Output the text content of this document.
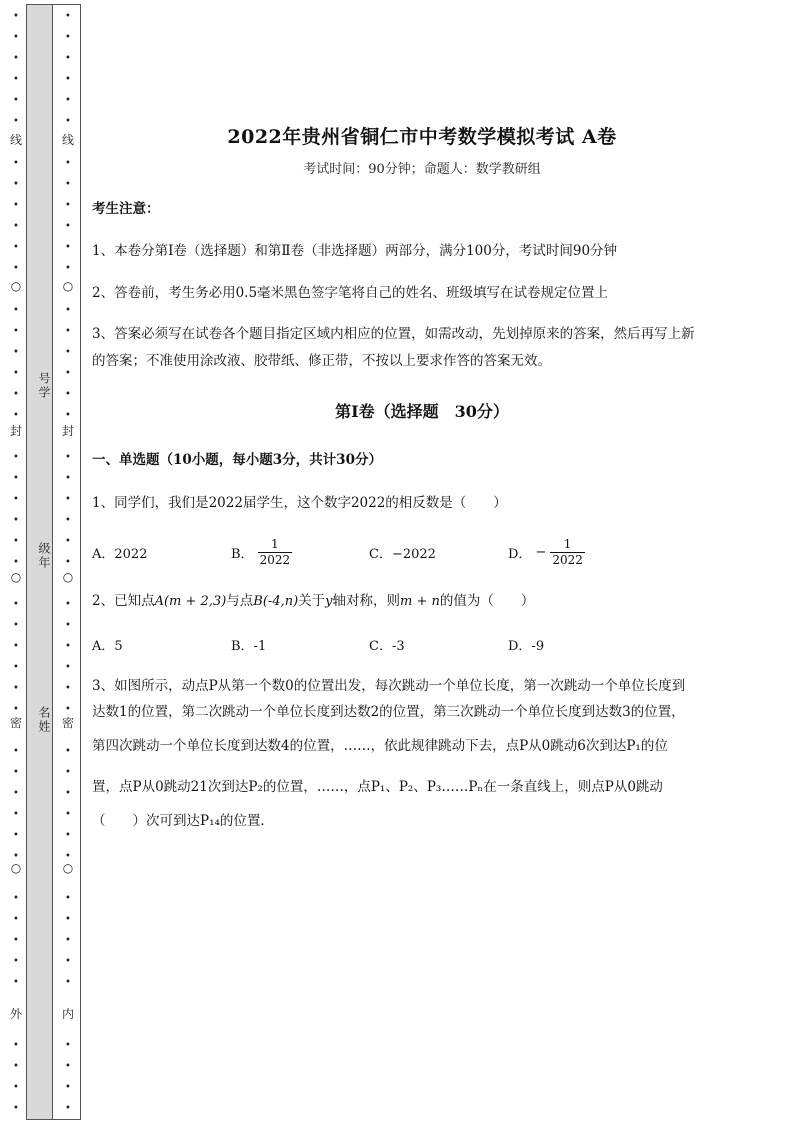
•
•
•
•
•
•
•
•
•
•
•
•
•
•
•
•
•
•
•
•
•
•
•
•
•
•
•
•
•
•
•
•
•
•
•
•
•
•
•
•
•
•
•
•
•
线
封
密
外
○
○
○
•
•
•
•
•
•
•
•
•
•
•
•
•
•
•
•
•
•
•
•
•
•
•
•
•
•
•
•
•
•
•
•
•
•
•
•
•
•
•
•
•
•
•
•
•
线
封
密
内
○
○
○
号学
级年
名姓
2022年贵州省铜仁市中考数学模拟考试 A卷
考试时间：90分钟；命题人：数学教研组
考生注意：
1、本卷分第I卷（选择题）和第Ⅱ卷（非选择题）两部分，满分100分，考试时间90分钟
2、答卷前，考生务必用0.5毫米黑色签字笔将自己的姓名、班级填写在试卷规定位置上
3、答案必须写在试卷各个题目指定区域内相应的位置，如需改动，先划掉原来的答案，然后再写上新
的答案；不准使用涂改液、胶带纸、修正带，不按以上要求作答的答案无效。
第I卷（选择题　30分）
一、单选题（10小题，每小题3分，共计30分）
1、同学们，我们是2022届学生，这个数字2022的相反数是（　　）
A．2022	B． $\frac{1}{2022}$	C．−2022	D． − $\frac{1}{2022}$
2、已知点A(m + 2,3)与点B(-4,n)关于y轴对称，则m + n的值为（　　）
A．5	B．-1	C．-3	D．-9
3、如图所示，动点P从第一个数0的位置出发，每次跳动一个单位长度，第一次跳动一个单位长度到
达数1的位置，第二次跳动一个单位长度到达数2的位置，第三次跳动一个单位长度到达数3的位置，
第四次跳动一个单位长度到达数4的位置，……，依此规律跳动下去，点P从0跳动6次到达P₁的位
置，点P从0跳动21次到达P₂的位置，……，点P₁、P₂、P₃……Pₙ在一条直线上，则点P从0跳动
（　　）次可到达P₁₄的位置．
